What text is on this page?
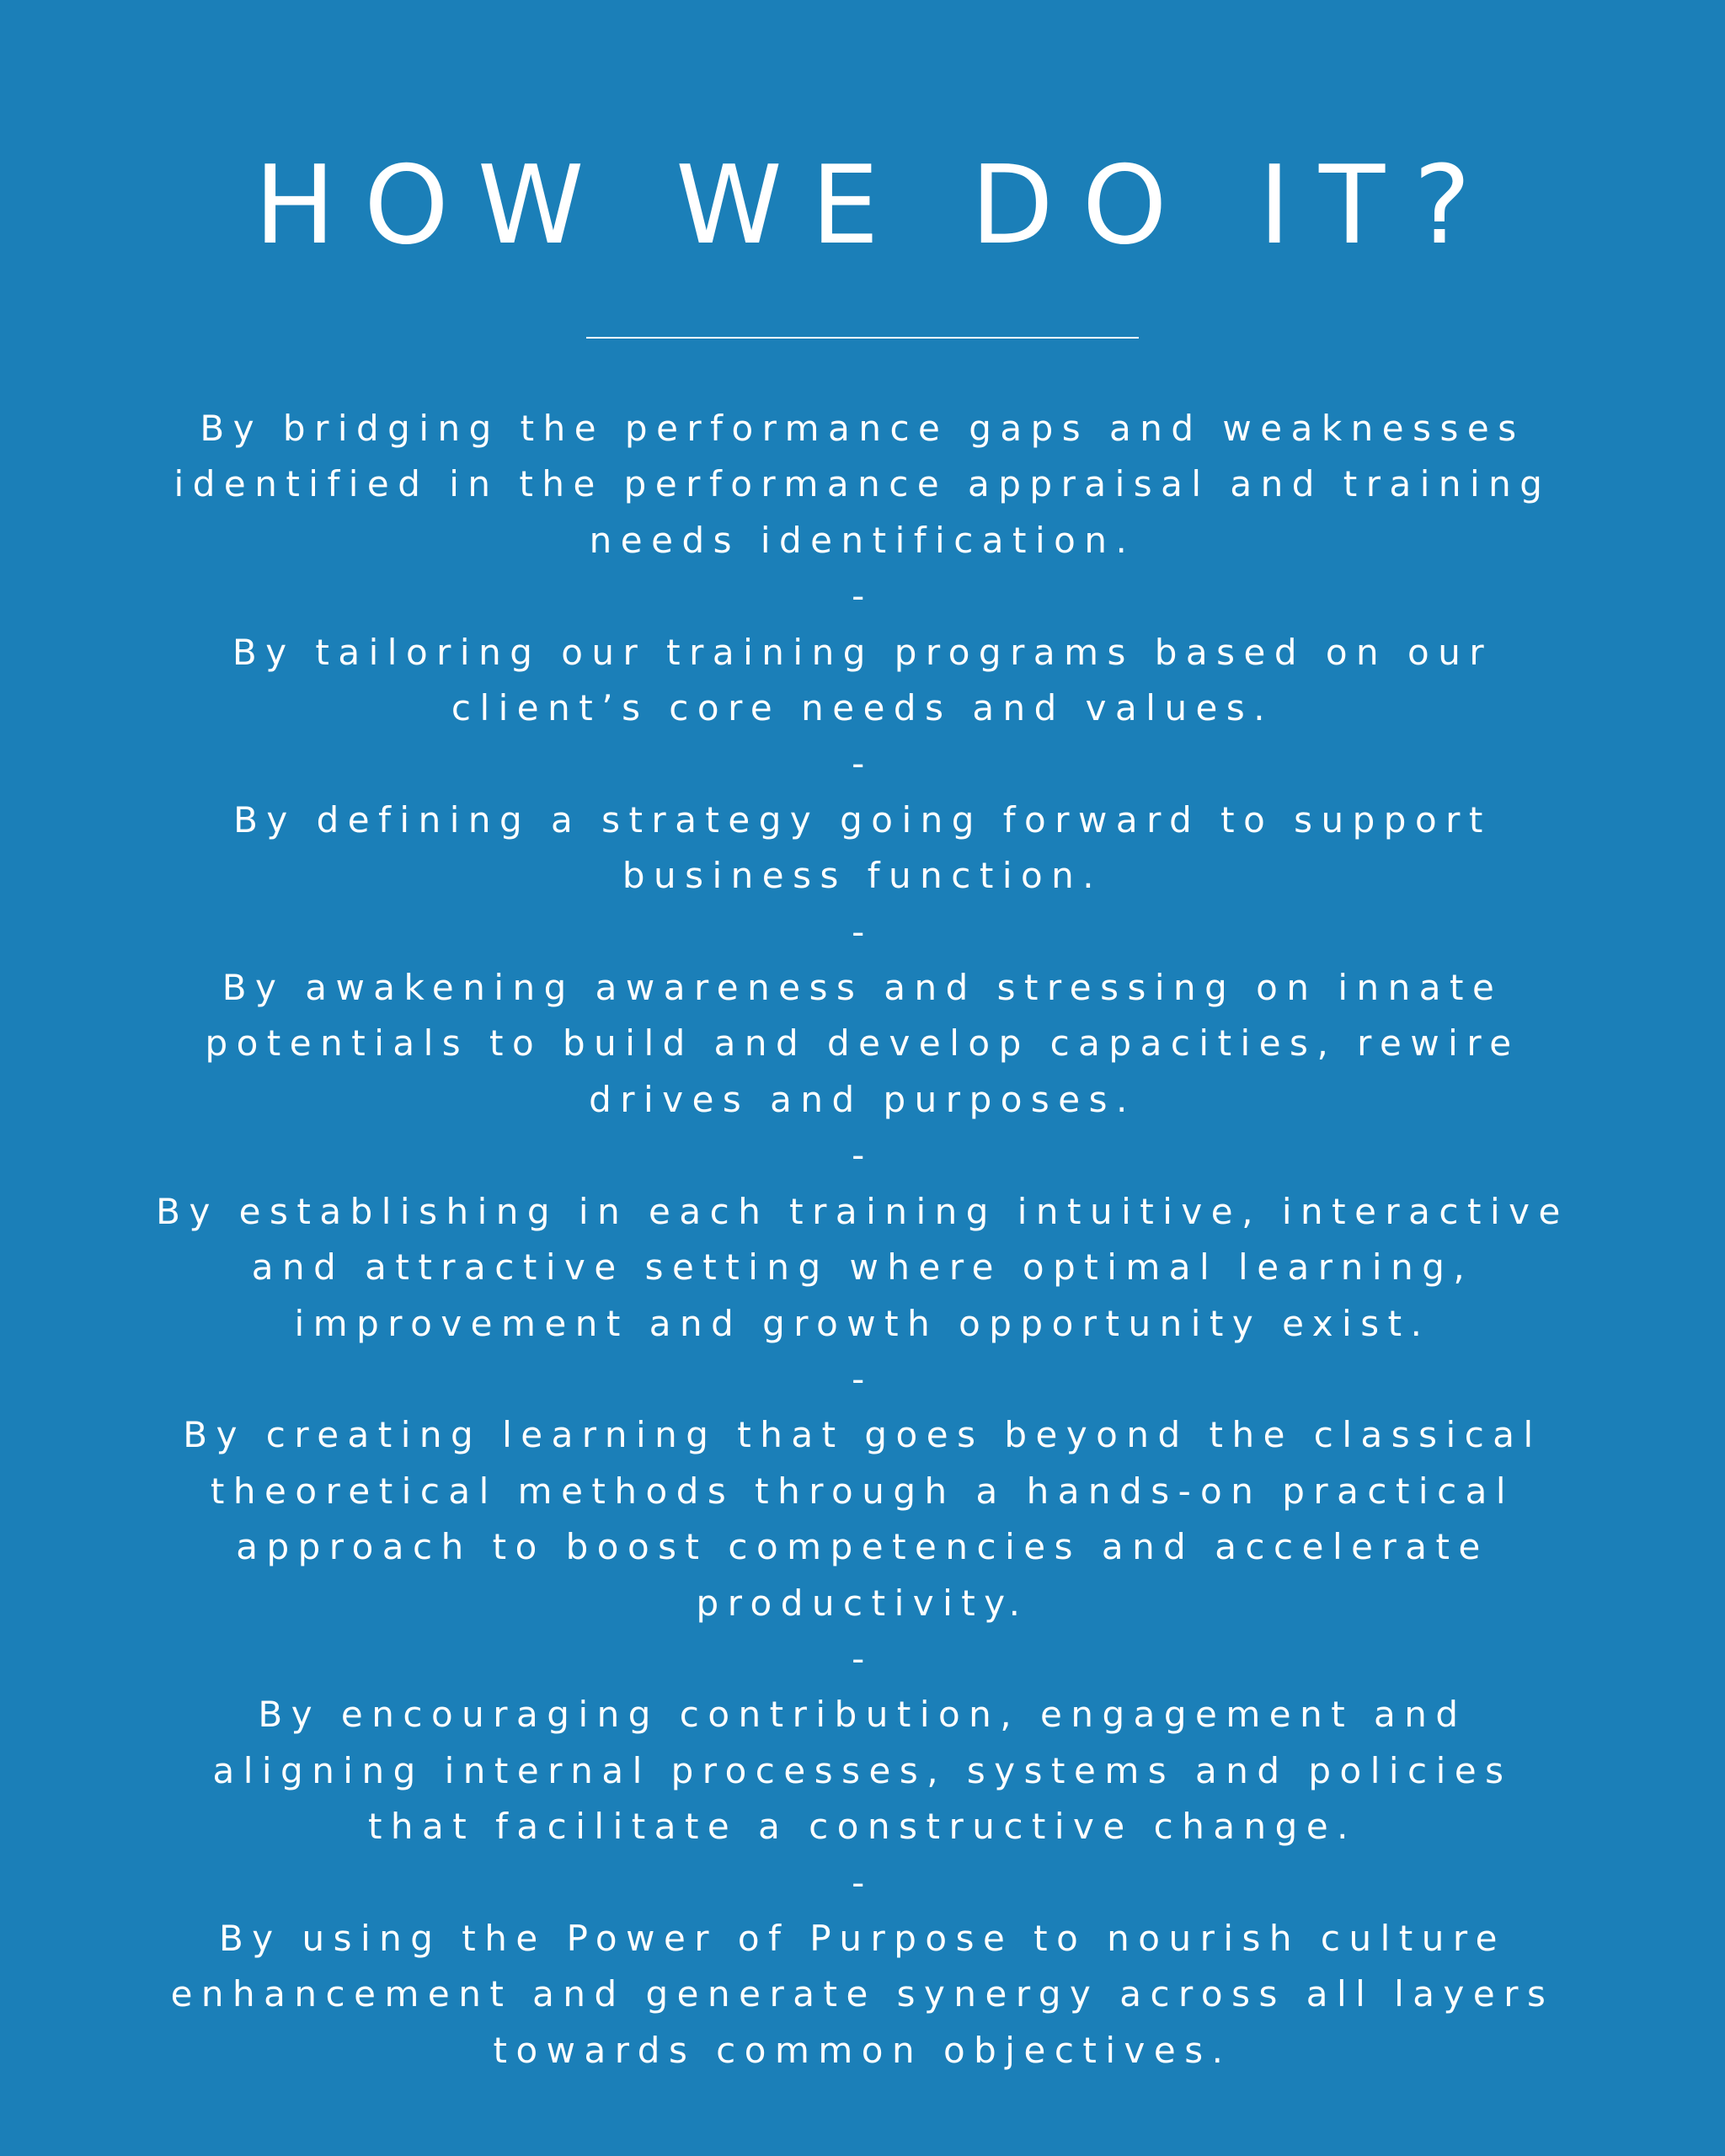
HOW WE DO IT?

By bridging the performance gaps and weaknesses
identified in the performance appraisal and training
needs identification.

-

By tailoring our training programs based on our
client’s core needs and values.

-

By defining a strategy going forward to support
business function.

-

By awakening awareness and stressing on innate
potentials to build and develop capacities, rewire
drives and purposes.

-

By establishing in each training intuitive, interactive
and attractive setting where optimal learning,
improvement and growth opportunity exist.

-

By creating learning that goes beyond the classical
theoretical methods through a hands-on practical
approach to boost competencies and accelerate
productivity.

-

By encouraging contribution, engagement and
aligning internal processes, systems and policies
that facilitate a constructive change.

-

By using the Power of Purpose to nourish culture
enhancement and generate synergy across all layers
towards common objectives.
